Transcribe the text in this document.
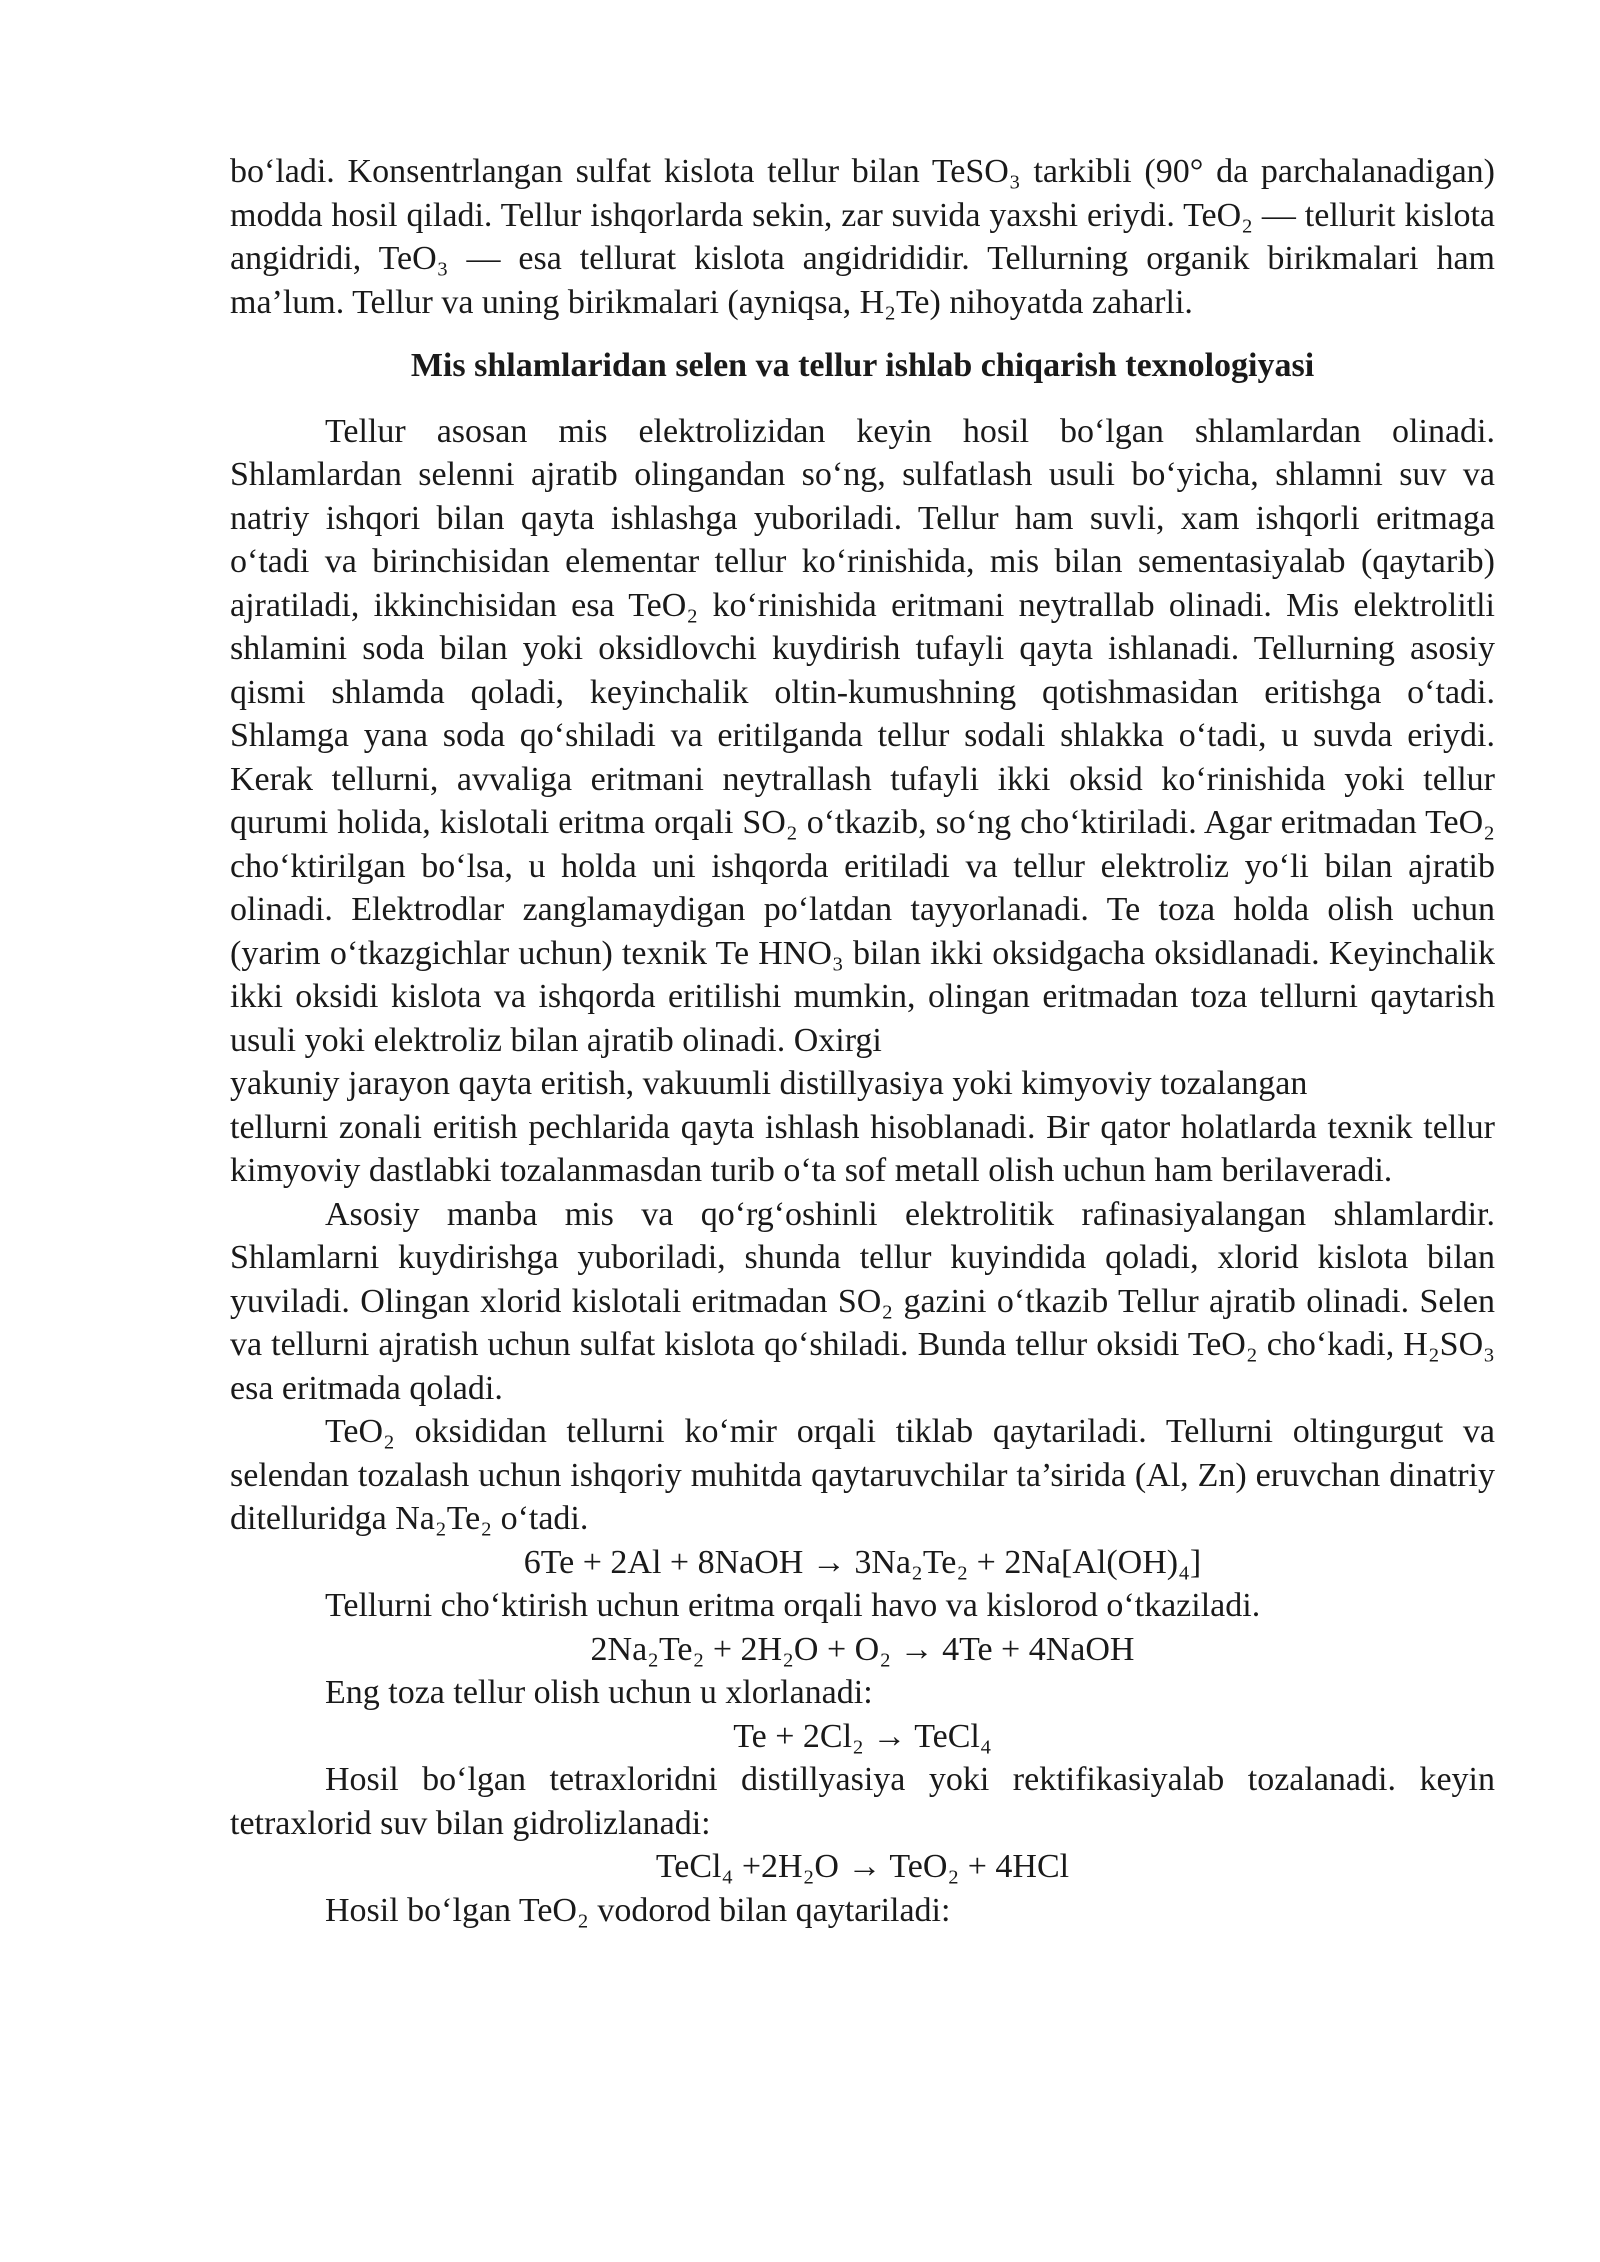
bo‘ladi. Konsentrlangan sulfat kislota tellur bilan TeSO₃ tarkibli (90° da parchalanadigan) modda hosil qiladi. Tellur ishqorlarda sekin, zar suvida yaxshi eriydi. TeO₂ — tellurit kislota angidridi, TeO₃ — esa tellurat kislota angidrididir. Tellurning organik birikmalari ham ma’lum. Tellur va uning birikmalari (ayniqsa, H₂Te) nihoyatda zaharli.

Mis shlamlaridan selen va tellur ishlab chiqarish texnologiyasi

Tellur asosan mis elektrolizidan keyin hosil bo‘lgan shlamlardan olinadi. Shlamlardan selenni ajratib olingandan so‘ng, sulfatlash usuli bo‘yicha, shlamni suv va natriy ishqori bilan qayta ishlashga yuboriladi. Tellur ham suvli, xam ishqorli eritmaga o‘tadi va birinchisidan elementar tellur ko‘rinishida, mis bilan sementasiyalab (qaytarib) ajratiladi, ikkinchisidan esa TeO₂ ko‘rinishida eritmani neytrallab olinadi. Mis elektrolitli shlamini soda bilan yoki oksidlovchi kuydirish tufayli qayta ishlanadi. Tellurning asosiy qismi shlamda qoladi, keyinchalik oltin-kumushning qotishmasidan eritishga o‘tadi. Shlamga yana soda qo‘shiladi va eritilganda tellur sodali shlakka o‘tadi, u suvda eriydi. Kerak tellurni, avvaliga eritmani neytrallash tufayli ikki oksid ko‘rinishida yoki tellur qurumi holida, kislotali eritma orqali SO₂ o‘tkazib, so‘ng cho‘ktiriladi. Agar eritmadan TeO₂ cho‘ktirilgan bo‘lsa, u holda uni ishqorda eritiladi va tellur elektroliz yo‘li bilan ajratib olinadi. Elektrodlar zanglamaydigan po‘latdan tayyorlanadi. Te toza holda olish uchun (yarim o‘tkazgichlar uchun) texnik Te HNO₃ bilan ikki oksidgacha oksidlanadi. Keyinchalik ikki oksidi kislota va ishqorda eritilishi mumkin, olingan eritmadan toza tellurni qaytarish usuli yoki elektroliz bilan ajratib olinadi. Oxirgi

yakuniy jarayon qayta eritish, vakuumli distillyasiya yoki kimyoviy tozalangan

tellurni zonali eritish pechlarida qayta ishlash hisoblanadi. Bir qator holatlarda texnik tellur kimyoviy dastlabki tozalanmasdan turib o‘ta sof metall olish uchun ham berilaveradi.

Asosiy manba mis va qo‘rg‘oshinli elektrolitik rafinasiyalangan shlamlardir. Shlamlarni kuydirishga yuboriladi, shunda tellur kuyindida qoladi, xlorid kislota bilan yuviladi. Olingan xlorid kislotali eritmadan SO₂ gazini o‘tkazib Tellur ajratib olinadi. Selen va tellurni ajratish uchun sulfat kislota qo‘shiladi. Bunda tellur oksidi TeO₂ cho‘kadi, H₂SO₃ esa eritmada qoladi.

TeO₂ oksididan tellurni ko‘mir orqali tiklab qaytariladi. Tellurni oltingurgut va selendan tozalash uchun ishqoriy muhitda qaytaruvchilar ta’sirida (Al, Zn) eruvchan dinatriy ditelluridga Na₂Te₂ o‘tadi.

6Te + 2Al + 8NaOH → 3Na₂Te₂ + 2Na[Al(OH)₄]

Tellurni cho‘ktirish uchun eritma orqali havo va kislorod o‘tkaziladi.

2Na₂Te₂ + 2H₂O + O₂ → 4Te + 4NaOH

Eng toza tellur olish uchun u xlorlanadi:

Te + 2Cl₂ → TeCl₄

Hosil bo‘lgan tetraxloridni distillyasiya yoki rektifikasiyalab tozalanadi. keyin tetraxlorid suv bilan gidrolizlanadi:

TeCl₄ +2H₂O → TeO₂ + 4HCl

Hosil bo‘lgan TeO₂ vodorod bilan qaytariladi:
